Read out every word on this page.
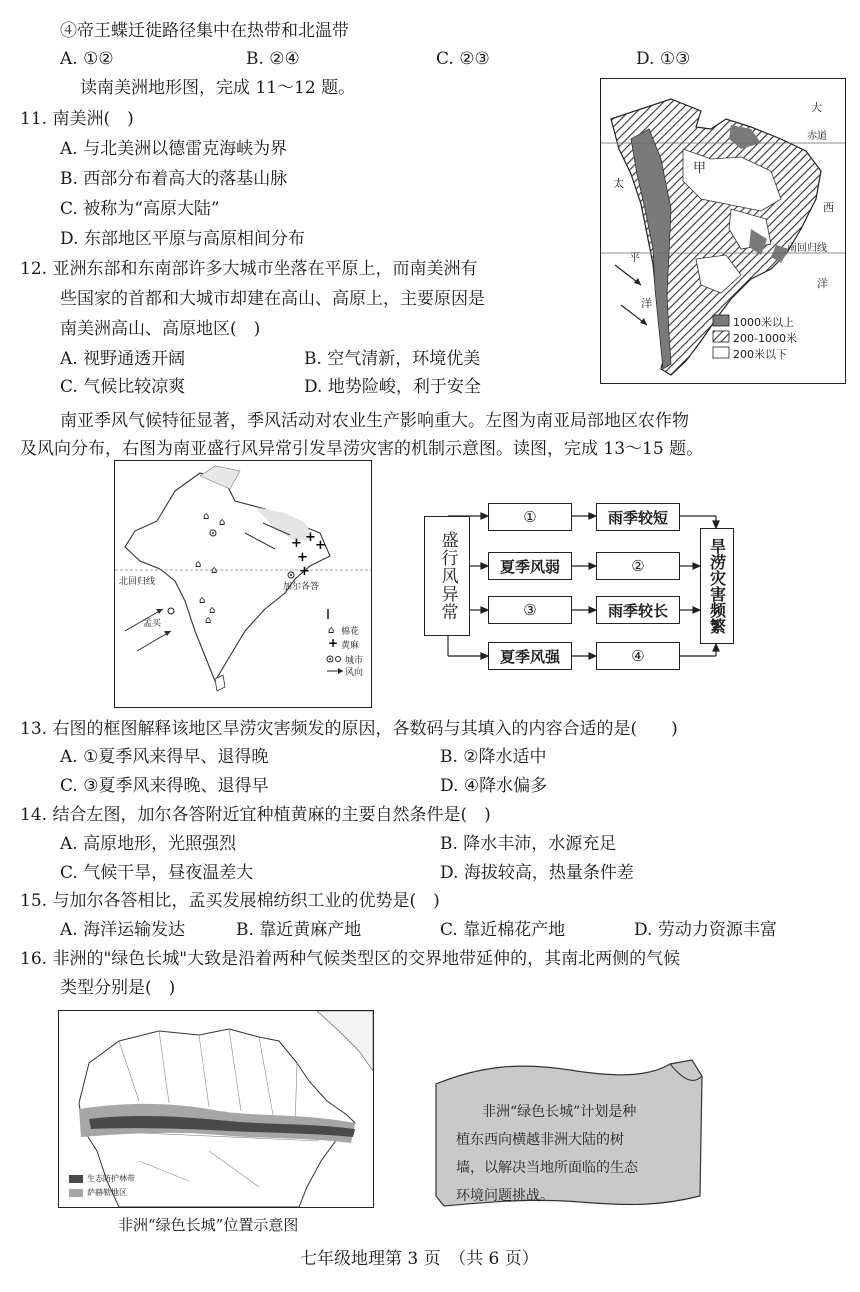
④帝王蝶迁徙路径集中在热带和北温带
A. ①②	B. ②④	C. ②③	D. ①③
读南美洲地形图，完成 11～12 题。
11. 南美洲(　)
A. 与北美洲以德雷克海峡为界
B. 西部分布着高大的落基山脉
C. 被称为“高原大陆”
D. 东部地区平原与高原相间分布
12. 亚洲东部和东南部许多大城市坐落在平原上，而南美洲有
些国家的首都和大城市却建在高山、高原上，主要原因是
南美洲高山、高原地区(　)
A. 视野通透开阔	B. 空气清新，环境优美
C. 气候比较凉爽	D. 地势险峻，利于安全
大
赤道
甲
太
西
平
南回归线
洋
洋
1000米以上
200-1000米
200米以下
南亚季风气候特征显著，季风活动对农业生产影响重大。左图为南亚局部地区农作物
及风向分布，右图为南亚盛行风异常引发旱涝灾害的机制示意图。读图，完成 13～15 题。
⌂
⌂
⌂
⌂
⌂
⌂
⌂
+ +
+
+
+
⌂
+
北回归线
孟买
加尔各答
棉花
黄麻
城市
风向
盛行风异常
①	雨季较短
夏季风弱	②
③	雨季较长
夏季风强	④
旱涝灾害频繁
13. 右图的框图解释该地区旱涝灾害频发的原因，各数码与其填入的内容合适的是(　　)
A. ①夏季风来得早、退得晚	B. ②降水适中
C. ③夏季风来得晚、退得早	D. ④降水偏多
14. 结合左图，加尔各答附近宜种植黄麻的主要自然条件是(　)
A. 高原地形，光照强烈	B. 降水丰沛，水源充足
C. 气候干旱，昼夜温差大	D. 海拔较高，热量条件差
15. 与加尔各答相比，孟买发展棉纺织工业的优势是(　)
A. 海洋运输发达	B. 靠近黄麻产地	C. 靠近棉花产地	D. 劳动力资源丰富
16. 非洲的"绿色长城"大致是沿着两种气候类型区的交界地带延伸的，其南北两侧的气候
类型分别是(　)
生态防护林带
萨赫勒地区
非洲“绿色长城”位置示意图
非洲“绿色长城”计划是种
植东西向横越非洲大陆的树
墙，以解决当地所面临的生态
环境问题挑战。
七年级地理第 3 页　（共 6 页）
